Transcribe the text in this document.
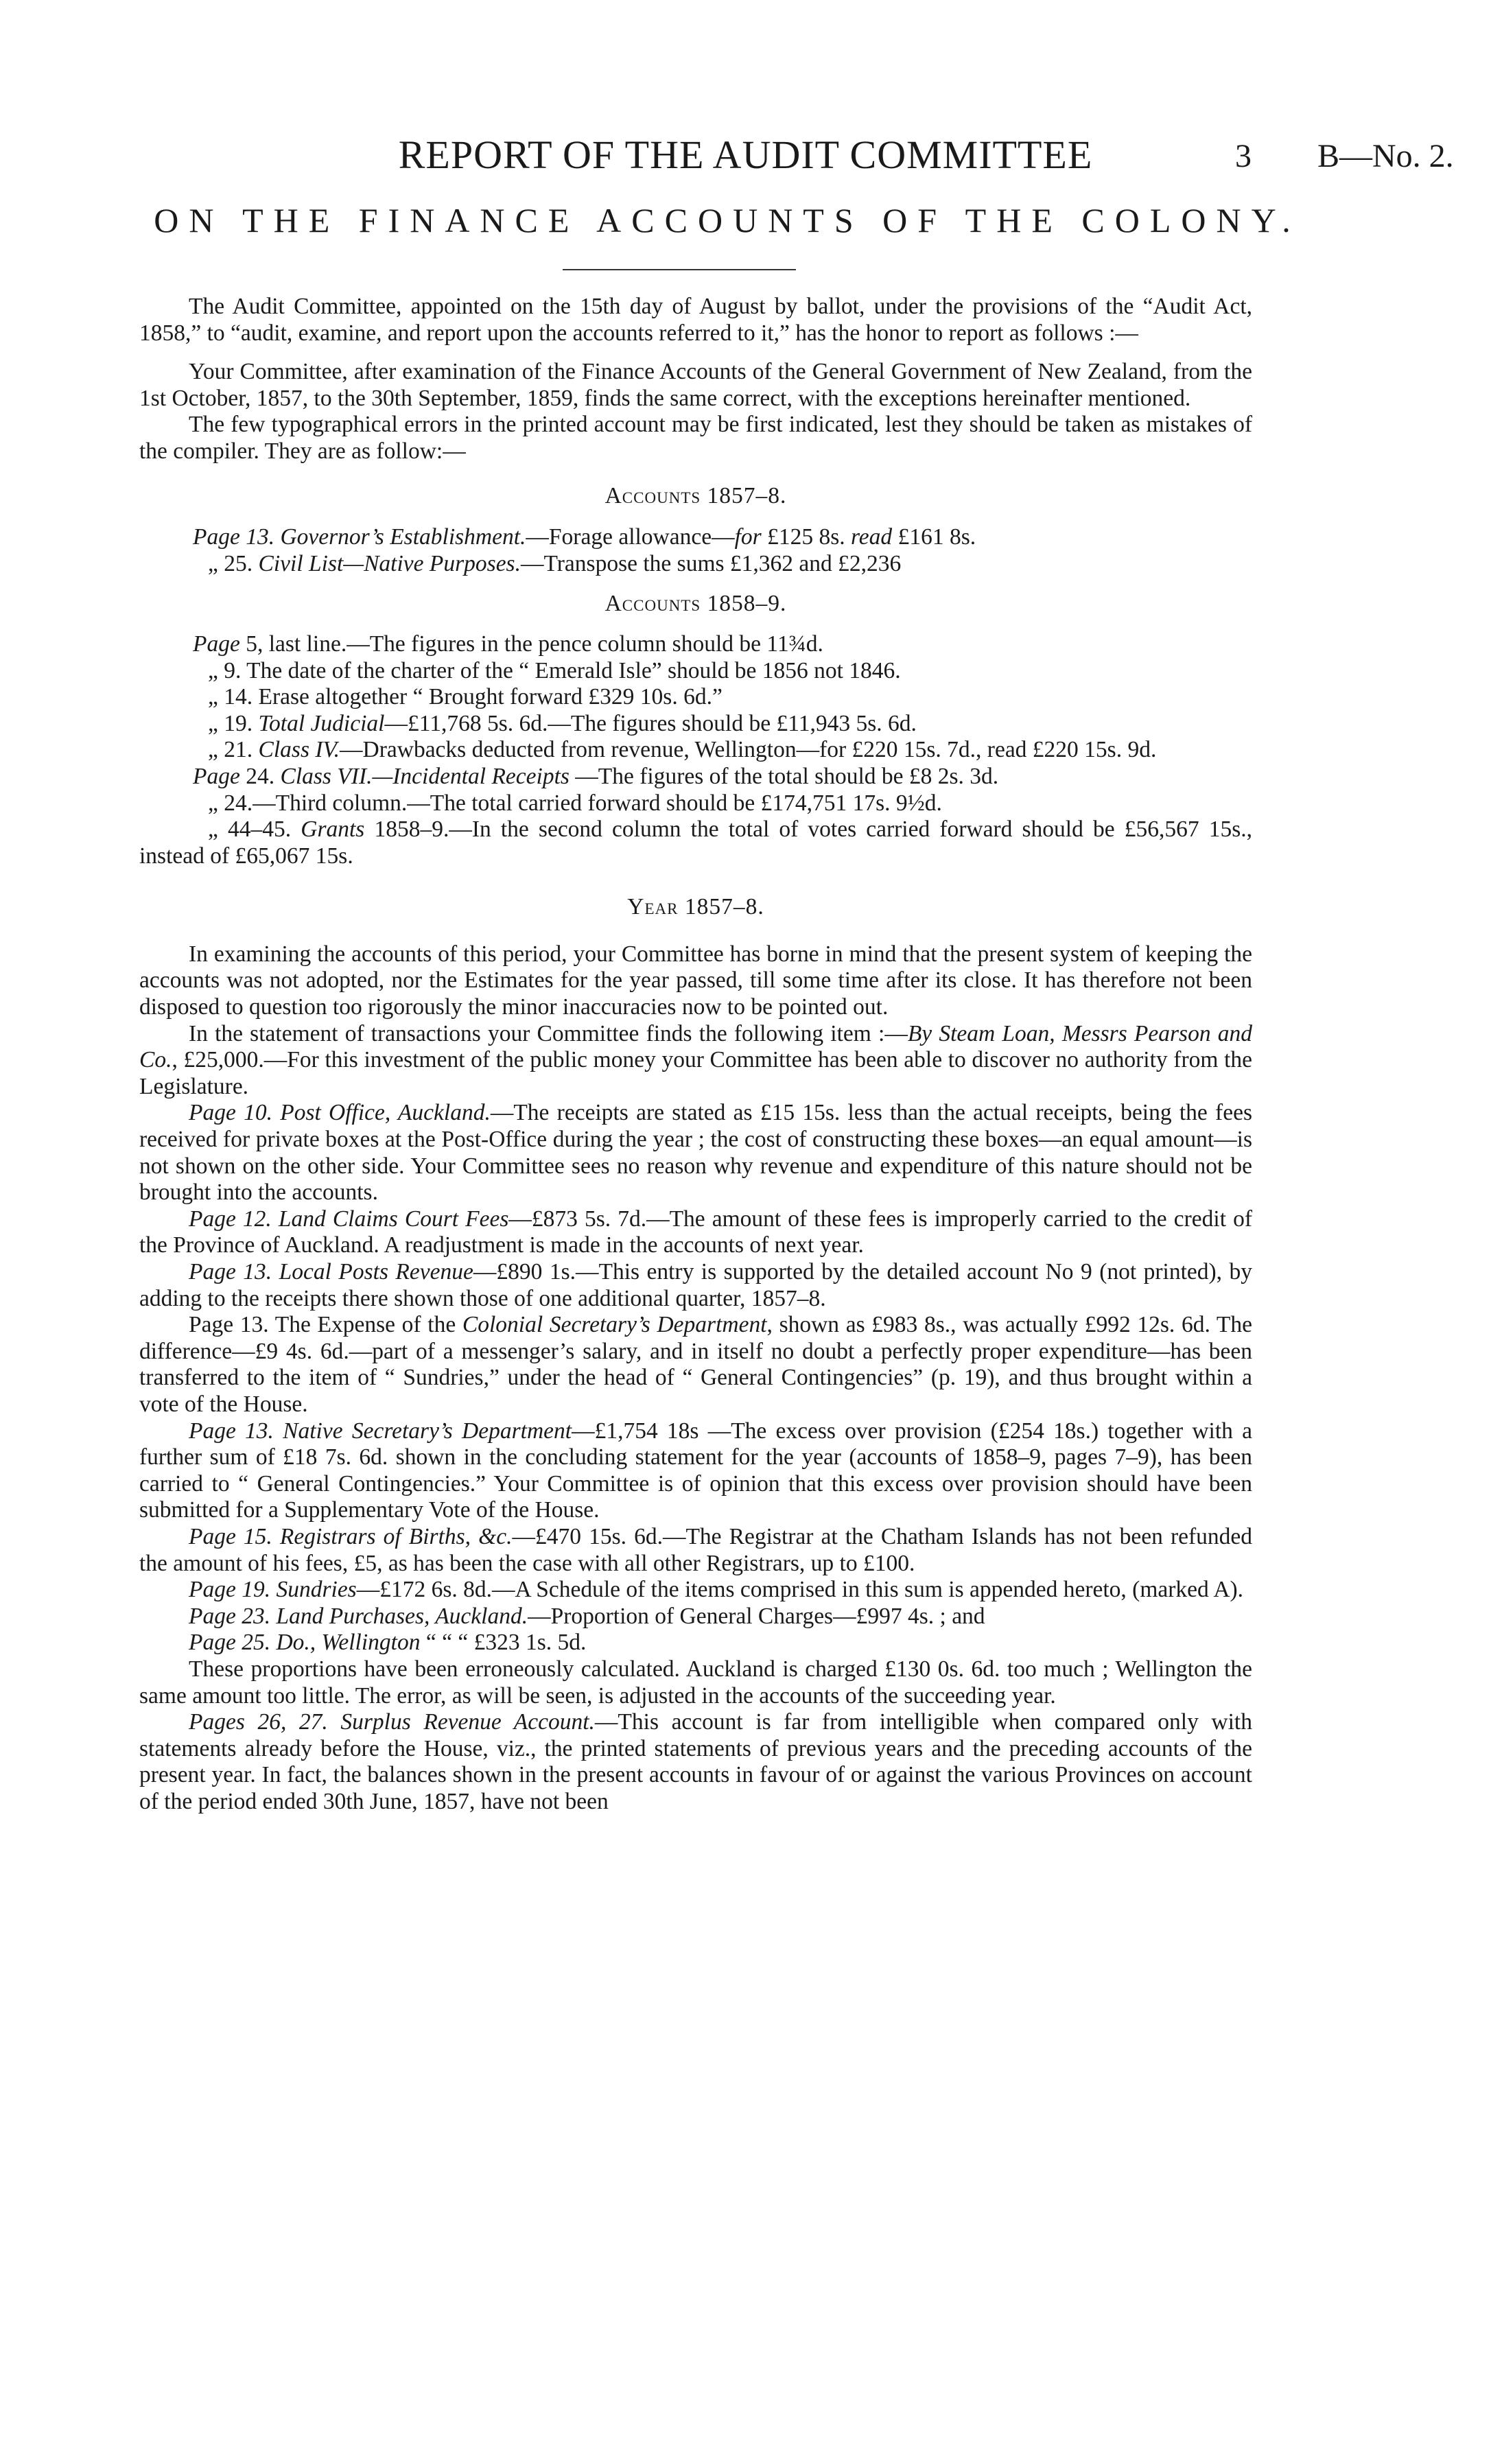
REPORT OF THE AUDIT COMMITTEE	3 B—No. 2.
ON THE FINANCE ACCOUNTS OF THE COLONY.

The Audit Committee, appointed on the 15th day of August by ballot, under the provisions of the “Audit Act, 1858,” to “audit, examine, and report upon the accounts referred to it,” has the honor to report as follows :—

Your Committee, after examination of the Finance Accounts of the General Government of New Zealand, from the 1st October, 1857, to the 30th September, 1859, finds the same correct, with the exceptions hereinafter mentioned.

The few typographical errors in the printed account may be first indicated, lest they should be taken as mistakes of the compiler. They are as follow:—

Accounts 1857–8.
Page 13. Governor’s Establishment.—Forage allowance—for £125 8s. read £161 8s.
„ 25. Civil List—Native Purposes.—Transpose the sums £1,362 and £2,236
Accounts 1858–9.
Page 5, last line.—The figures in the pence column should be 11¾d.
„ 9. The date of the charter of the “ Emerald Isle” should be 1856 not 1846.
„ 14. Erase altogether “ Brought forward £329 10s. 6d.”
„ 19. Total Judicial—£11,768 5s. 6d.—The figures should be £11,943 5s. 6d.

„ 21. Class IV.—Drawbacks deducted from revenue, Wellington—for £220 15s. 7d., read £220 15s. 9d.

Page 24. Class VII.—Incidental Receipts —The figures of the total should be £8 2s. 3d.
„ 24.—Third column.—The total carried forward should be £174,751 17s. 9½d.

„ 44–45. Grants 1858–9.—In the second column the total of votes carried forward should be £56,567 15s., instead of £65,067 15s.

Year 1857–8.

In examining the accounts of this period, your Committee has borne in mind that the present system of keeping the accounts was not adopted, nor the Estimates for the year passed, till some time after its close. It has therefore not been disposed to question too rigorously the minor inaccuracies now to be pointed out.

In the statement of transactions your Committee finds the following item :—By Steam Loan, Messrs Pearson and Co., £25,000.—For this investment of the public money your Committee has been able to discover no authority from the Legislature.

Page 10. Post Office, Auckland.—The receipts are stated as £15 15s. less than the actual receipts, being the fees received for private boxes at the Post-Office during the year ; the cost of constructing these boxes—an equal amount—is not shown on the other side. Your Committee sees no reason why revenue and expenditure of this nature should not be brought into the accounts.

Page 12. Land Claims Court Fees—£873 5s. 7d.—The amount of these fees is improperly carried to the credit of the Province of Auckland. A readjustment is made in the accounts of next year.

Page 13. Local Posts Revenue—£890 1s.—This entry is supported by the detailed account No 9 (not printed), by adding to the receipts there shown those of one additional quarter, 1857–8.

Page 13. The Expense of the Colonial Secretary’s Department, shown as £983 8s., was actually £992 12s. 6d. The difference—£9 4s. 6d.—part of a messenger’s salary, and in itself no doubt a perfectly proper expenditure—has been transferred to the item of “ Sundries,” under the head of “ General Contingencies” (p. 19), and thus brought within a vote of the House.

Page 13. Native Secretary’s Department—£1,754 18s —The excess over provision (£254 18s.) together with a further sum of £18 7s. 6d. shown in the concluding statement for the year (accounts of 1858–9, pages 7–9), has been carried to “ General Contingencies.” Your Committee is of opinion that this excess over provision should have been submitted for a Supplementary Vote of the House.

Page 15. Registrars of Births, &c.—£470 15s. 6d.—The Registrar at the Chatham Islands has not been refunded the amount of his fees, £5, as has been the case with all other Registrars, up to £100.

Page 19. Sundries—£172 6s. 8d.—A Schedule of the items comprised in this sum is appended hereto, (marked A).

Page 23. Land Purchases, Auckland.—Proportion of General Charges—£997 4s. ; and

Page 25. Do., Wellington “ “ “ £323 1s. 5d.

These proportions have been erroneously calculated. Auckland is charged £130 0s. 6d. too much ; Wellington the same amount too little. The error, as will be seen, is adjusted in the accounts of the succeeding year.

Pages 26, 27. Surplus Revenue Account.—This account is far from intelligible when compared only with statements already before the House, viz., the printed statements of previous years and the preceding accounts of the present year. In fact, the balances shown in the present accounts in favour of or against the various Provinces on account of the period ended 30th June, 1857, have not been
